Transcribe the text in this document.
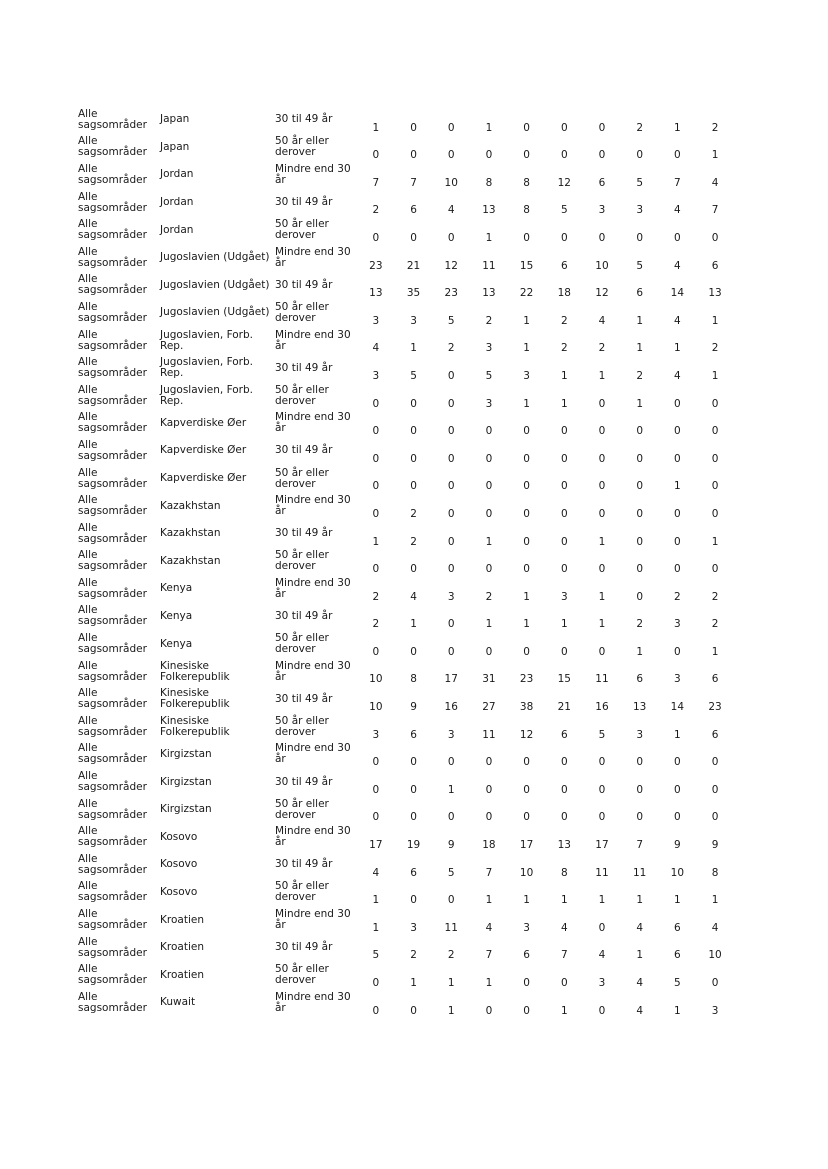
Alle sagsområder	Japan	30 til 49 år	1	0	0	1	0	0	0	2	1	2
Alle sagsområder	Japan	50 år eller derover	0	0	0	0	0	0	0	0	0	1
Alle sagsområder	Jordan	Mindre end 30 år	7	7	10	8	8	12	6	5	7	4
Alle sagsområder	Jordan	30 til 49 år	2	6	4	13	8	5	3	3	4	7
Alle sagsområder	Jordan	50 år eller derover	0	0	0	1	0	0	0	0	0	0
Alle sagsområder	Jugoslavien (Udgået)	Mindre end 30 år	23	21	12	11	15	6	10	5	4	6
Alle sagsområder	Jugoslavien (Udgået)	30 til 49 år	13	35	23	13	22	18	12	6	14	13
Alle sagsområder	Jugoslavien (Udgået)	50 år eller derover	3	3	5	2	1	2	4	1	4	1
Alle sagsområder	Jugoslavien, Forb. Rep.	Mindre end 30 år	4	1	2	3	1	2	2	1	1	2
Alle sagsområder	Jugoslavien, Forb. Rep.	30 til 49 år	3	5	0	5	3	1	1	2	4	1
Alle sagsområder	Jugoslavien, Forb. Rep.	50 år eller derover	0	0	0	3	1	1	0	1	0	0
Alle sagsområder	Kapverdiske Øer	Mindre end 30 år	0	0	0	0	0	0	0	0	0	0
Alle sagsområder	Kapverdiske Øer	30 til 49 år	0	0	0	0	0	0	0	0	0	0
Alle sagsområder	Kapverdiske Øer	50 år eller derover	0	0	0	0	0	0	0	0	1	0
Alle sagsområder	Kazakhstan	Mindre end 30 år	0	2	0	0	0	0	0	0	0	0
Alle sagsområder	Kazakhstan	30 til 49 år	1	2	0	1	0	0	1	0	0	1
Alle sagsområder	Kazakhstan	50 år eller derover	0	0	0	0	0	0	0	0	0	0
Alle sagsområder	Kenya	Mindre end 30 år	2	4	3	2	1	3	1	0	2	2
Alle sagsområder	Kenya	30 til 49 år	2	1	0	1	1	1	1	2	3	2
Alle sagsområder	Kenya	50 år eller derover	0	0	0	0	0	0	0	1	0	1
Alle sagsområder	Kinesiske Folkerepublik	Mindre end 30 år	10	8	17	31	23	15	11	6	3	6
Alle sagsområder	Kinesiske Folkerepublik	30 til 49 år	10	9	16	27	38	21	16	13	14	23
Alle sagsområder	Kinesiske Folkerepublik	50 år eller derover	3	6	3	11	12	6	5	3	1	6
Alle sagsområder	Kirgizstan	Mindre end 30 år	0	0	0	0	0	0	0	0	0	0
Alle sagsområder	Kirgizstan	30 til 49 år	0	0	1	0	0	0	0	0	0	0
Alle sagsområder	Kirgizstan	50 år eller derover	0	0	0	0	0	0	0	0	0	0
Alle sagsområder	Kosovo	Mindre end 30 år	17	19	9	18	17	13	17	7	9	9
Alle sagsområder	Kosovo	30 til 49 år	4	6	5	7	10	8	11	11	10	8
Alle sagsområder	Kosovo	50 år eller derover	1	0	0	1	1	1	1	1	1	1
Alle sagsområder	Kroatien	Mindre end 30 år	1	3	11	4	3	4	0	4	6	4
Alle sagsområder	Kroatien	30 til 49 år	5	2	2	7	6	7	4	1	6	10
Alle sagsområder	Kroatien	50 år eller derover	0	1	1	1	0	0	3	4	5	0
Alle sagsområder	Kuwait	Mindre end 30 år	0	0	1	0	0	1	0	4	1	3
